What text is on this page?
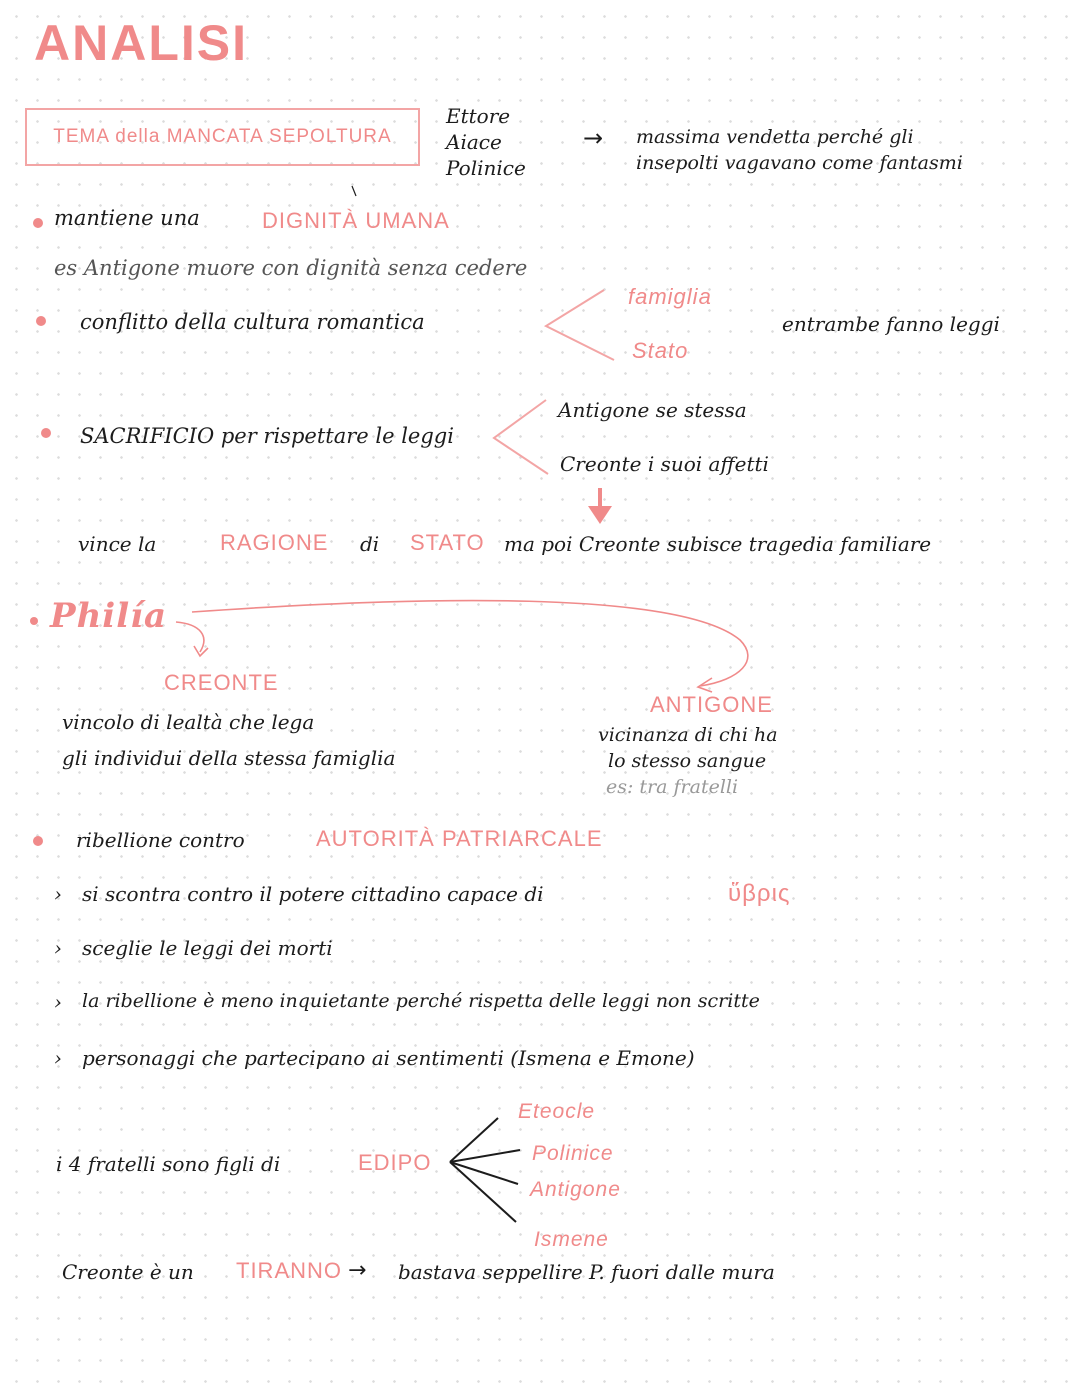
ANALISI
TEMA della MANCATA SEPOLTURA
Ettore
Aiace
Polinice
→ massima vendetta perché gli
insepolti vagavano come fantasmi
mantiene una	DIGNITÀ UMANA
es Antigone muore con dignità senza cedere
conflitto della cultura romantica
famiglia
Stato
entrambe fanno leggi
SACRIFICIO per rispettare le leggi
Antigone se stessa
Creonte i suoi affetti
vince la	RAGIONE di STATO ma poi Creonte subisce tragedia familiare
Philía
CREONTE
vincolo di lealtà che lega
gli individui della stessa famiglia
ANTIGONE
vicinanza di chi ha
lo stesso sangue
es: tra fratelli
ribellione contro	AUTORITÀ PATRIARCALE
› si scontra contro il potere cittadino capace di	ὕβρις
› sceglie le leggi dei morti
› la ribellione è meno inquietante perché rispetta delle leggi non scritte
› personaggi che partecipano ai sentimenti (Ismena e Emone)
i 4 fratelli sono figli di	EDIPO
Eteocle
Polinice
Antigone
Ismene
Creonte è un TIRANNO → bastava seppellire P. fuori dalle mura
